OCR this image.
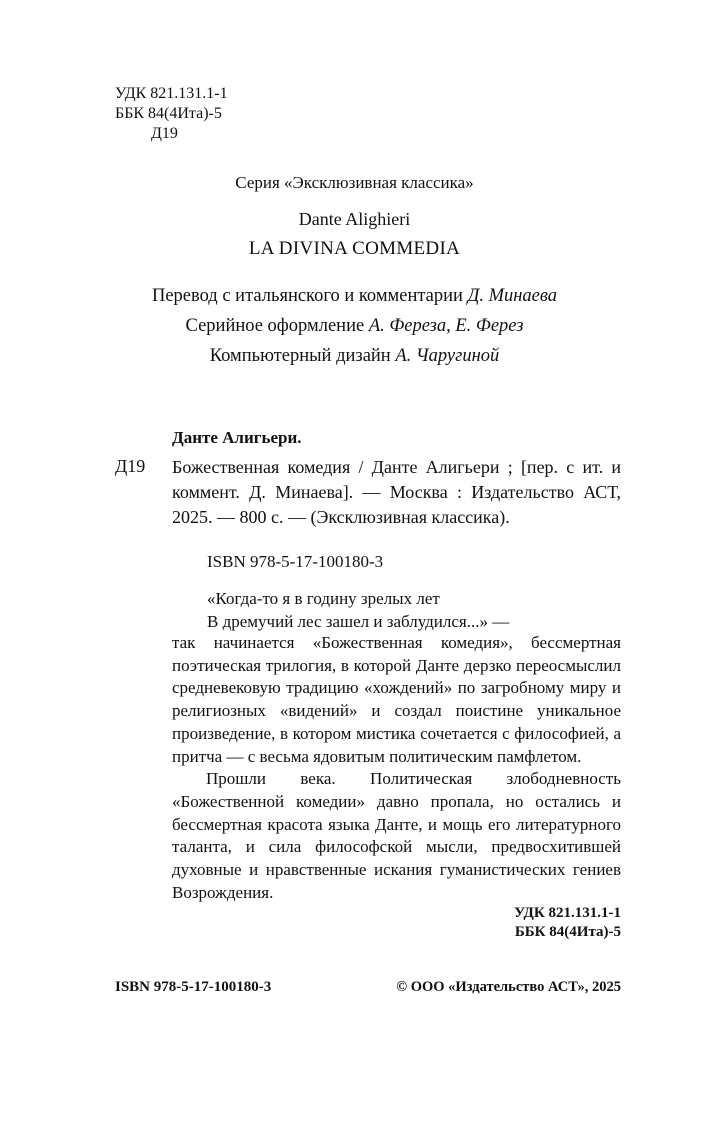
УДК 821.131.1-1
ББК 84(4Ита)-5
Д19
Серия «Эксклюзивная классика»
Dante Alighieri
LA DIVINA COMMEDIA
Перевод с итальянского и комментарии Д. Минаева
Серийное оформление А. Фереза, Е. Ферез
Компьютерный дизайн А. Чаругиной
Данте Алигьери.
Д19 Божественная комедия / Данте Алигьери ; [пер. с ит. и коммент. Д. Минаева]. — Москва : Издательство АСТ, 2025. — 800 с. — (Эксклюзивная классика).
ISBN 978-5-17-100180-3
«Когда-то я в годину зрелых лет
В дремучий лес зашел и заблудился...» —

так начинается «Божественная комедия», бессмертная поэтическая трилогия, в которой Данте дерзко переосмыслил средневековую традицию «хождений» по загробному миру и религиозных «видений» и создал поистине уникальное произведение, в котором мистика сочетается с философией, а притча — с весьма ядовитым политическим памфлетом.

Прошли века. Политическая злободневность «Божественной комедии» давно пропала, но остались и бессмертная красота языка Данте, и мощь его литературного таланта, и сила философской мысли, предвосхитившей духовные и нравственные искания гуманистических гениев Возрождения.

УДК 821.131.1-1
ББК 84(4Ита)-5
ISBN 978-5-17-100180-3	© ООО «Издательство АСТ», 2025
